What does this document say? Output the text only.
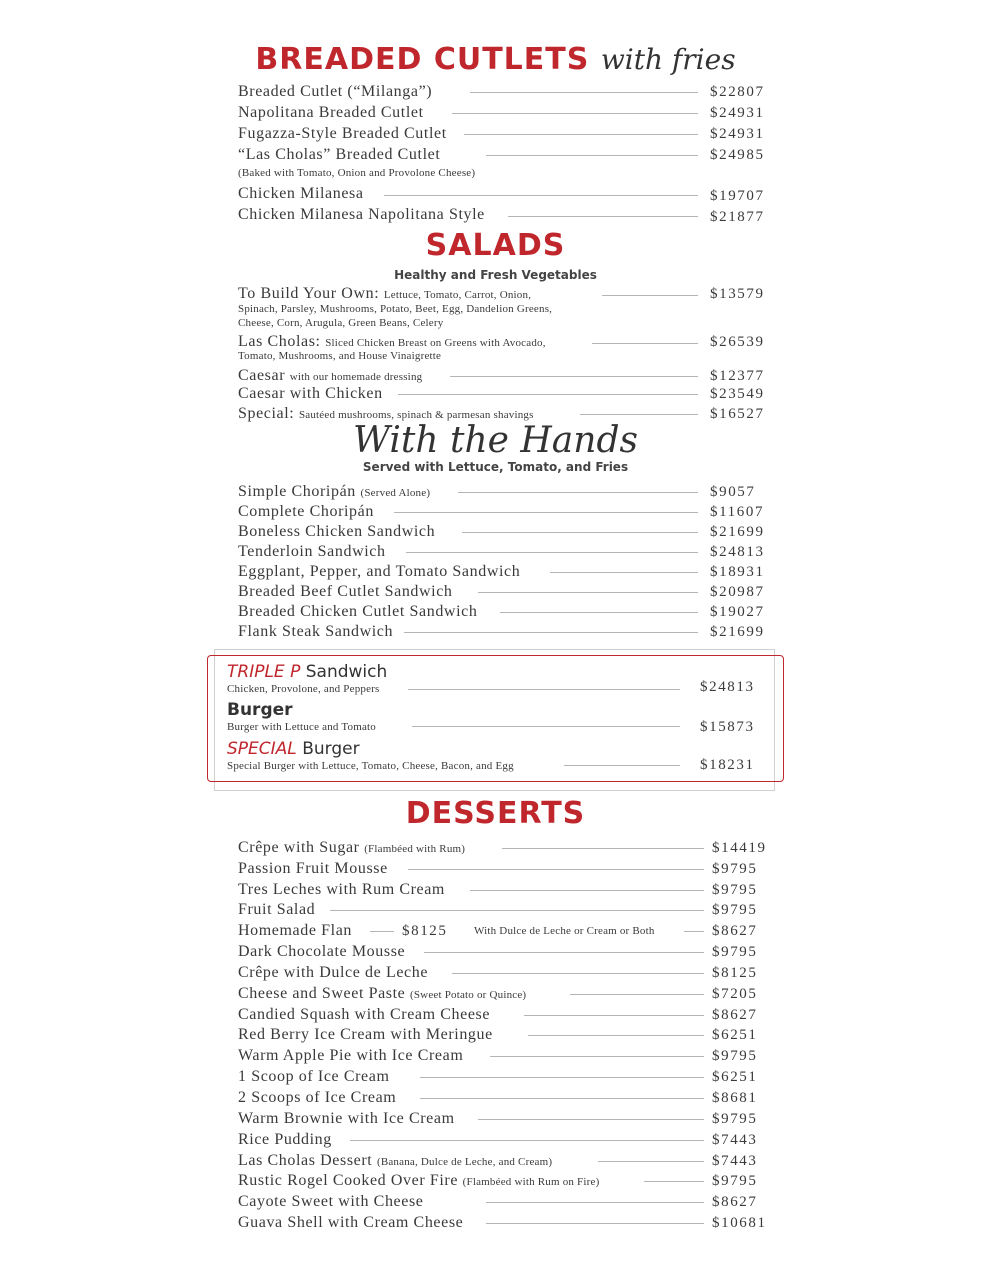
BREADED CUTLETS with fries
Breaded Cutlet (“Milanga”)	$22807
Napolitana Breaded Cutlet	$24931
Fugazza-Style Breaded Cutlet	$24931
“Las Cholas” Breaded Cutlet	$24985
(Baked with Tomato, Onion and Provolone Cheese)
Chicken Milanesa	$19707
Chicken Milanesa Napolitana Style	$21877
SALADS
Healthy and Fresh Vegetables
To Build Your Own: Lettuce, Tomato, Carrot, Onion,	$13579
Spinach, Parsley, Mushrooms, Potato, Beet, Egg, Dandelion Greens,
Cheese, Corn, Arugula, Green Beans, Celery
Las Cholas: Sliced Chicken Breast on Greens with Avocado,	$26539
Tomato, Mushrooms, and House Vinaigrette
Caesar with our homemade dressing	$12377
Caesar with Chicken	$23549
Special: Sautéed mushrooms, spinach & parmesan shavings	$16527
With the Hands
Served with Lettuce, Tomato, and Fries
Simple Choripán (Served Alone)	$9057
Complete Choripán	$11607
Boneless Chicken Sandwich	$21699
Tenderloin Sandwich	$24813
Eggplant, Pepper, and Tomato Sandwich	$18931
Breaded Beef Cutlet Sandwich	$20987
Breaded Chicken Cutlet Sandwich	$19027
Flank Steak Sandwich	$21699
TRIPLE P Sandwich
Chicken, Provolone, and Peppers	$24813
Burger
Burger with Lettuce and Tomato	$15873
SPECIAL Burger
Special Burger with Lettuce, Tomato, Cheese, Bacon, and Egg	$18231
DESSERTS
Crêpe with Sugar (Flambéed with Rum)	$14419
Passion Fruit Mousse	$9795
Tres Leches with Rum Cream	$9795
Fruit Salad	$9795
Homemade Flan	$8125 With Dulce de Leche or Cream or Both	$8627
Dark Chocolate Mousse	$9795
Crêpe with Dulce de Leche	$8125
Cheese and Sweet Paste (Sweet Potato or Quince)	$7205
Candied Squash with Cream Cheese	$8627
Red Berry Ice Cream with Meringue	$6251
Warm Apple Pie with Ice Cream	$9795
1 Scoop of Ice Cream	$6251
2 Scoops of Ice Cream	$8681
Warm Brownie with Ice Cream	$9795
Rice Pudding	$7443
Las Cholas Dessert (Banana, Dulce de Leche, and Cream)	$7443
Rustic Rogel Cooked Over Fire (Flambéed with Rum on Fire)	$9795
Cayote Sweet with Cheese	$8627
Guava Shell with Cream Cheese	$10681
